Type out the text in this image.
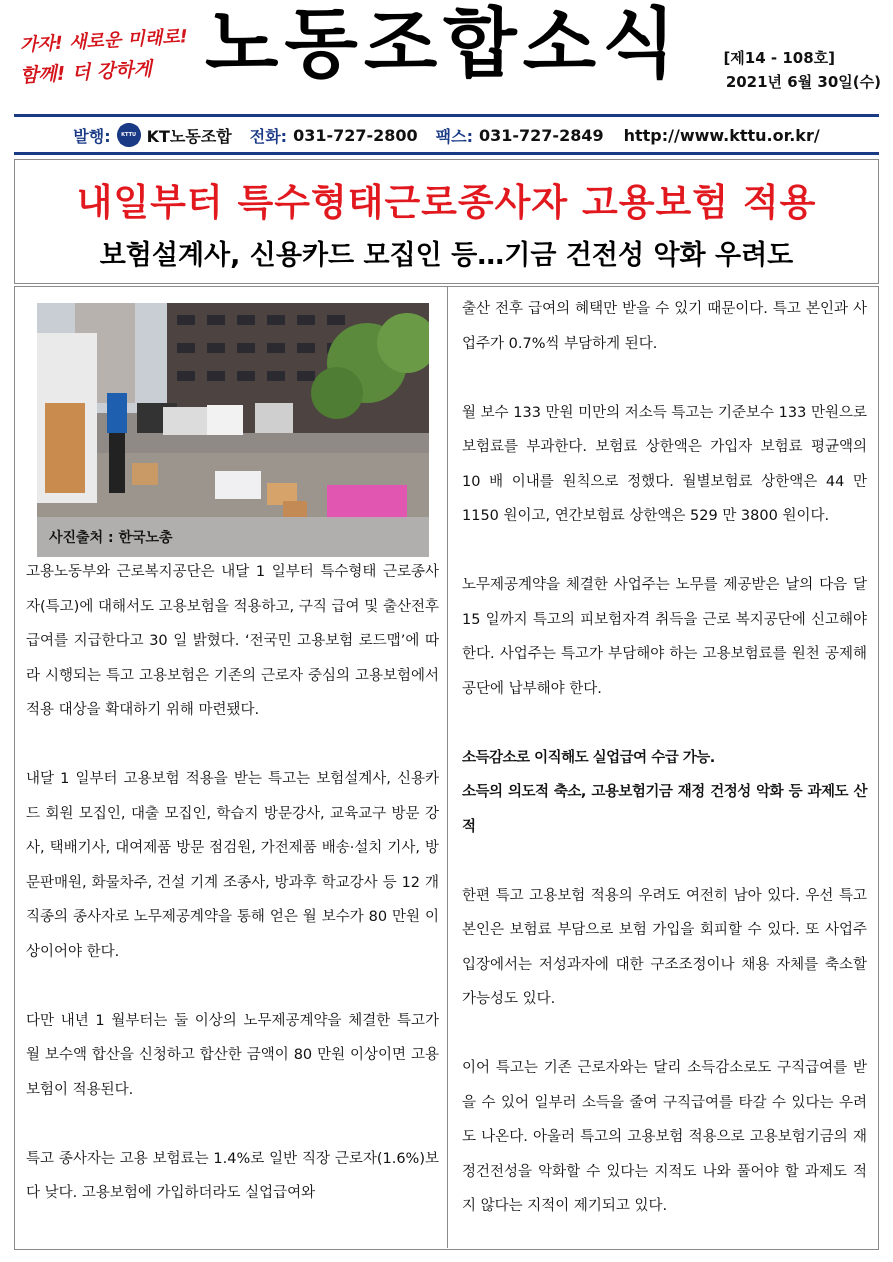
가자! 새로운 미래로!
함께! 더 강하게 노동조합소식	[제14 - 108호]
2021년 6월 30일(수)
발행:	KTTU KT노동조합 전화: 031-727-2800 팩스: 031-727-2849 http://www.kttu.or.kr/
내일부터 특수형태근로종사자 고용보험 적용
보험설계사, 신용카드 모집인 등…기금 건전성 악화 우려도
사진출처 : 한국노총

고용노동부와 근로복지공단은 내달 1 일부터 특수형태 근로종사자(특고)에 대해서도 고용보험을 적용하고, 구직 급여 및 출산전후 급여를 지급한다고 30 일 밝혔다. ‘전국민 고용보험 로드맵’에 따라 시행되는 특고 고용보험은 기존의 근로자 중심의 고용보험에서 적용 대상을 확대하기 위해 마련됐다.

내달 1 일부터 고용보험 적용을 받는 특고는 보험설계사, 신용카드 회원 모집인, 대출 모집인, 학습지 방문강사, 교육교구 방문 강사, 택배기사, 대여제품 방문 점검원, 가전제품 배송·설치 기사, 방문판매원, 화물차주, 건설 기계 조종사, 방과후 학교강사 등 12 개 직종의 종사자로 노무제공계약을 통해 얻은 월 보수가 80 만원 이상이어야 한다.

다만 내년 1 월부터는 둘 이상의 노무제공계약을 체결한 특고가 월 보수액 합산을 신청하고 합산한 금액이 80 만원 이상이면 고용보험이 적용된다.

특고 종사자는 고용 보험료는 1.4%로 일반 직장 근로자(1.6%)보다 낮다. 고용보험에 가입하더라도 실업급여와

출산 전후 급여의 혜택만 받을 수 있기 때문이다. 특고 본인과 사업주가 0.7%씩 부담하게 된다.

월 보수 133 만원 미만의 저소득 특고는 기준보수 133 만원으로 보험료를 부과한다. 보험료 상한액은 가입자 보험료 평균액의 10 배 이내를 원칙으로 정했다. 월별보험료 상한액은 44 만 1150 원이고, 연간보험료 상한액은 529 만 3800 원이다.

노무제공계약을 체결한 사업주는 노무를 제공받은 날의 다음 달 15 일까지 특고의 피보험자격 취득을 근로 복지공단에 신고해야 한다. 사업주는 특고가 부담해야 하는 고용보험료를 원천 공제해 공단에 납부해야 한다.

소득감소로 이직해도 실업급여 수급 가능.

소득의 의도적 축소, 고용보험기금 재정 건정성 악화 등 과제도 산적

한편 특고 고용보험 적용의 우려도 여전히 남아 있다. 우선 특고 본인은 보험료 부담으로 보험 가입을 회피할 수 있다. 또 사업주 입장에서는 저성과자에 대한 구조조정이나 채용 자체를 축소할 가능성도 있다.

이어 특고는 기존 근로자와는 달리 소득감소로도 구직급여를 받을 수 있어 일부러 소득을 줄여 구직급여를 타갈 수 있다는 우려도 나온다. 아울러 특고의 고용보험 적용으로 고용보험기금의 재정건전성을 악화할 수 있다는 지적도 나와 풀어야 할 과제도 적지 않다는 지적이 제기되고 있다.
